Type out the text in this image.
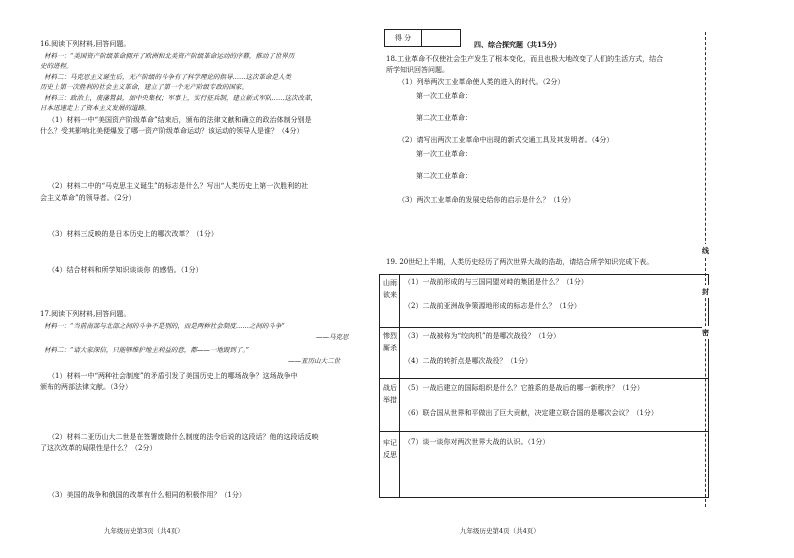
16.阅读下列材料,回答问题。
材料一：“美国资产阶级革命拥开了欧洲和北美资产阶级革命运动的序幕，推动了世界历
史的进程。
材料二：马克思主义诞生后，无产阶级的斗争有了科学理论的指导……这次革命是人类
历史上第一次胜利的社会主义革命，建立了第一个无产阶级专政的国家。
材料三：政治上，废藩置县，加中央集权；军事上，实行征兵制，建立新式军队……这次改革，
日本迅速走上了资本主义发展的道路。
（1）材料一中“美国资产阶级革命”结束后，颁布的法律文献和确立的政治体制分别是
什么？受其影响北美便爆发了哪一资产阶级革命运动？该运动的领导人是谁？（4分）
（2）材料二中的“马克思主义诞生”的标志是什么？写出“人类历史上第一次胜利的社
会主义革命”的领导者。（2分）
（3）材料三反映的是日本历史上的哪次改革？（1分）
（4）结合材料和所学知识谈谈你 的感悟。（1分）
17.阅读下列材料,回答问题。
材料一：“当前南部与北部之间的斗争不是别的，而是两种社会制度……之间的斗争”
——马克思
材料二：“请大家深信，只能够维护地主利益的意，都——一地毁到了。”
——亚历山大二世
（1）材料一中“两种社会制度”的矛盾引发了美国历史上的哪场战争？这场战争中
颁布的两部法律文献。（3分）
（2）材料二亚历山大二世是在签署废除什么制度的法令后说的这段话？他的这段话反映
了这次改革的局限性是什么？（2分）
（3）美国的战争和俄国的改革有什么相同的积极作用？（1分）
九年级历史第3页（共4页）
得 分
四、综合探究题（共15分）
18.工业革命不仅使社会生产发生了根本变化，而且也极大地改变了人们的生活方式，结合
所学知识回答问题。
（1）列举两次工业革命使人类的进入的时代。（2分）
第一次工业革命：
第二次工业革命：
（2）请写出两次工业革命中出现的新式交通工具及其发明者。（4分）
第一次工业革命：
第二次工业革命：
（3）两次工业革命的发展史给你的启示是什么？（1分）
19. 20世纪上半期，人类历史经历了两次世界大战的浩劫，请结合所学知识完成下表。
山雨欲来
（1）一战前形成的与三国同盟对峙的集团是什么？（1分）
（2）二战前亚洲战争策源地形成的标志是什么？（1分）
惨烈厮杀
（3）一战被称为“绞肉机”的是哪次战役？（1分）
（4）二战的转折点是哪次战役？（1分）
战后举措
（5）一战后建立的国际组织是什么？它推系的是战后的哪一新秩序？（1分）
（6）联合国从世界和平做出了巨大贡献，决定建立联合国的是哪次会议？（1分）
牢记反思
（7）谈一谈你对两次世界大战的认识。（1分）
九年级历史第4页（共4页）
线
封
密
